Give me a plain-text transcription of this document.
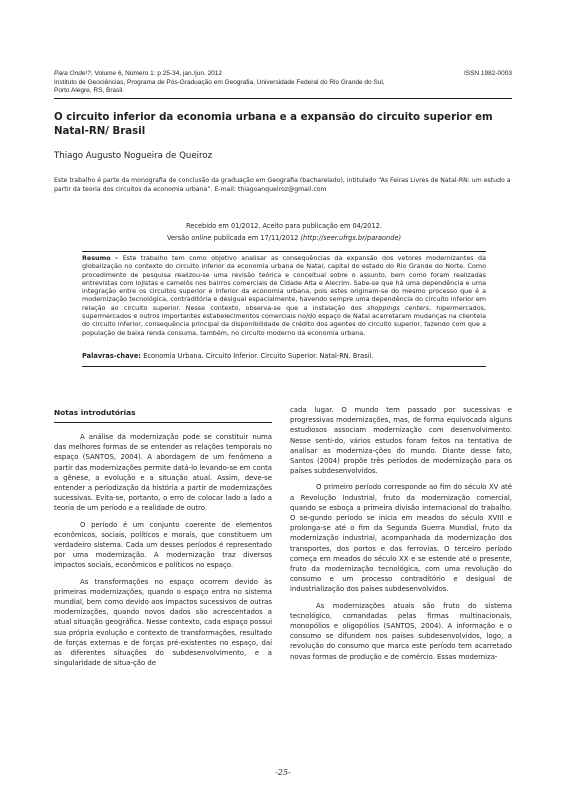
Para Onde!?, Volume 6, Número 1: p 25-34, jan./jun. 2012	ISSN 1982-0003
Instituto de Geociências, Programa de Pós-Graduação em Geografia, Universidade Federal do Rio Grande do Sul,
Porto Alegre, RS, Brasil.
O circuito inferior da economia urbana e a expansão do circuito superior em Natal-RN/ Brasil
Thiago Augusto Nogueira de Queiroz
Este trabalho é parte da monografia de conclusão da graduação em Geografia (bacharelado), intitulado “As Feiras Livres de Natal-RN: um estudo a partir da teoria dos circuitos da economia urbana”. E-mail: thiagoanqueiroz@gmail.com
Recebido em 01/2012. Aceito para publicação em 04/2012.
Versão online publicada em 17/11/2012 (http://seer.ufrgs.br/paraonde)
Resumo - Este trabalho tem como objetivo analisar as consequências da expansão dos vetores modernizantes da globalização no contexto do circuito inferior da economia urbana de Natal, capital do estado do Rio Grande do Norte. Como procedimento de pesquisa realizou-se uma revisão teórica e conceitual sobre o assunto, bem como foram realizadas entrevistas com lojistas e camelôs nos bairros comerciais de Cidade Alta e Alecrim. Sabe-se que há uma dependência e uma integração entre os circuitos superior e inferior da economia urbana, pois estes originam-se do mesmo processo que é a modernização tecnológica, contraditória e desigual espacialmente, havendo sempre uma dependência do circuito inferior em relação ao circuito superior. Nesse contexto, observa-se que a instalação dos shoppings centers, hipermercados, supermercados e outros importantes estabelecimentos comerciais no/do espaço de Natal acarretaram mudanças na clientela do circuito inferior, consequência principal da disponibilidade de crédito dos agentes do circuito superior, fazendo com que a população de baixa renda consuma, também, no circuito moderno da economia urbana.
Palavras-chave: Economia Urbana. Circuito Inferior. Circuito Superior. Natal-RN. Brasil.
Notas introdutórias

A análise da modernização pode se constituir numa das melhores formas de se entender as relações temporais no espaço (SANTOS, 2004). A abordagem de um fenômeno a partir das modernizações permite datá-lo levando-se em conta a gênese, a evolução e a situação atual. Assim, deve-se entender a periodização da história a partir de modernizações sucessivas. Evita-se, portanto, o erro de colocar lado a lado a teoria de um período e a realidade de outro.

O período é um conjunto coerente de elementos econômicos, sociais, políticos e morais, que constituem um verdadeiro sistema. Cada um desses períodos é representado por uma modernização. A modernização traz diversos impactos sociais, econômicos e políticos no espaço.

As transformações no espaço ocorrem devido às primeiras modernizações, quando o espaço entra no sistema mundial, bem como devido aos impactos sucessivos de outras modernizações, quando novos dados são acrescentados a atual situação geográfica. Nesse contexto, cada espaço possui sua própria evolução e contexto de transformações, resultado de forças externas e de forças pré-existentes no espaço, daí as diferentes situações do subdesenvolvimento, e a singularidade de situa-ção de

cada lugar. O mundo tem passado por sucessivas e progressivas modernizações, mas, de forma equivocada alguns estudiosos associam modernização com desenvolvimento. Nesse senti-do, vários estudos foram feitos na tentativa de analisar as moderniza-ções do mundo. Diante desse fato, Santos (2004) propõe três períodos de modernização para os países subdesenvolvidos.

O primeiro período corresponde ao fim do século XV até a Revolução Industrial, fruto da modernização comercial, quando se esboça a primeira divisão internacional do trabalho. O se-gundo período se inicia em meados do século XVIII e prolonga-se até o fim da Segunda Guerra Mundial, fruto da modernização industrial, acompanhada da modernização dos transportes, dos portos e das ferrovias. O terceiro período começa em meados do século XX e se estende até o presente, fruto da modernização tecnológica, com uma revolução do consumo e um processo contraditório e desigual de industrialização dos países subdesenvolvidos.

As modernizações atuais são fruto do sistema tecnológico, comandadas pelas firmas multinacionais, monopólios e oligopólios (SANTOS, 2004). A informação e o consumo se difundem nos países subdesenvolvidos, logo, a revolução do consumo que marca este período tem acarretado novas formas de produção e de comércio. Essas moderniza-

-25-
